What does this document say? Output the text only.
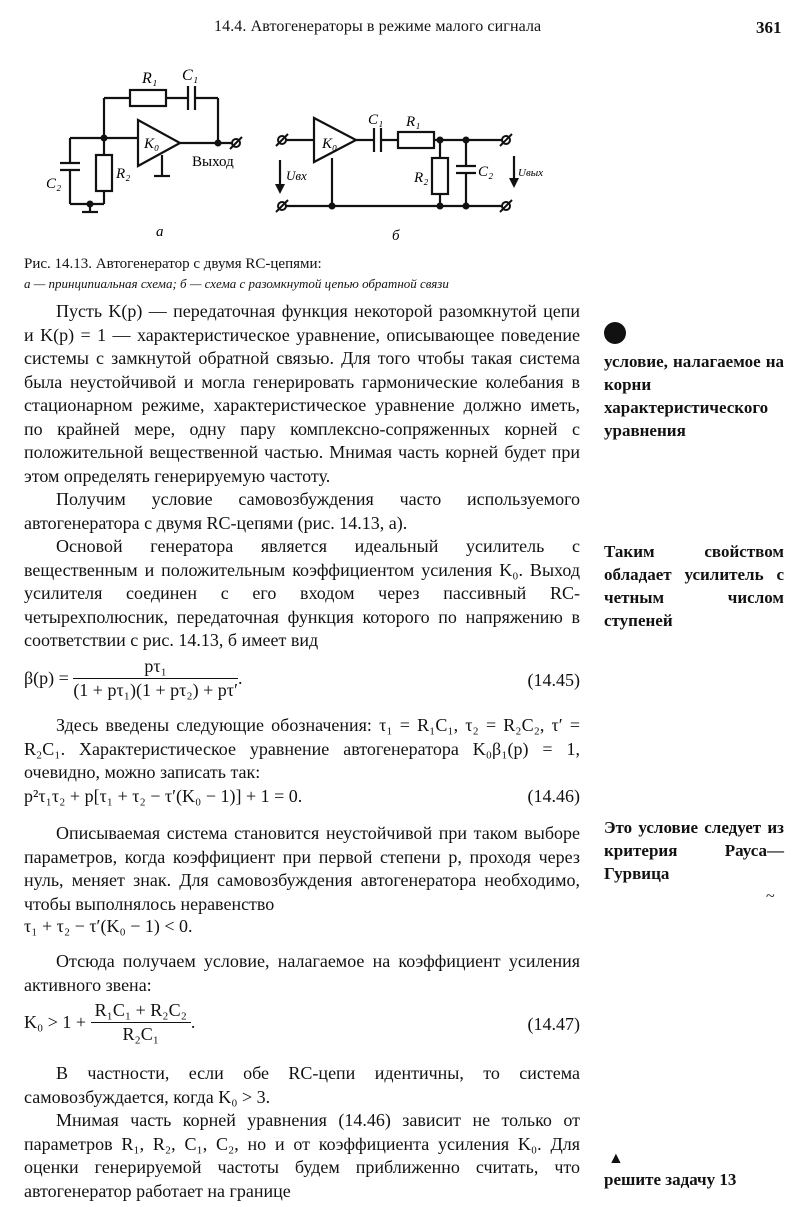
14.4. Автогенераторы в режиме малого сигнала	361
R₁ C₁
K₀
R₂
C₂
Выход
а
K₀
C₁ R₁
R₂	C₂
Uвх	Uвых
б
Рис. 14.13. Автогенератор с двумя RC-цепями:
а — принципиальная схема; б — схема с разомкнутой цепью обратной связи

Пусть K(p) — передаточная функция некоторой разомкнутой цепи и K(p) = 1 — характеристическое уравнение, описывающее поведение системы с замкнутой обратной связью. Для того чтобы такая система была неустойчивой и могла генерировать гармонические колебания в стационарном режиме, характеристическое уравнение должно иметь, по крайней мере, одну пару комплексно-сопряженных корней с положительной вещественной частью. Мнимая часть корней будет при этом определять генерируемую частоту.

Получим условие самовозбуждения часто используемого автогенератора с двумя RC-цепями (рис. 14.13, а).

Основой генератора является идеальный усилитель с вещественным и положительным коэффициентом усиления K₀. Выход усилителя соединен с его входом через пассивный RC-четырехполюсник, передаточная функция которого по напряжению в соответствии с рис. 14.13, б имеет вид

$\beta(p) = \frac{\text{pτ₁}}{\text{(1 + pτ₁)(1 + pτ₂) + pτ′}}$ .	(14.45)

Здесь введены следующие обозначения: τ₁ = R₁C₁, τ₂ = R₂C₂, τ′ = R₂C₁. Характеристическое уравнение автогенератора K₀β₁(p) = 1, очевидно, можно записать так:

p²τ₁τ₂ + p[τ₁ + τ₂ − τ′(K₀ − 1)] + 1 = 0.	(14.46)

Описываемая система становится неустойчивой при таком выборе параметров, когда коэффициент при первой степени p, проходя через нуль, меняет знак. Для самовозбуждения автогенератора необходимо, чтобы выполнялось неравенство

τ₁ + τ₂ − τ′(K₀ − 1) < 0.

Отсюда получаем условие, налагаемое на коэффициент усиления активного звена:

$K_0 > 1 + \frac{\text{R₁C₁ + R₂C₂}}{\text{R₂C₁}}$ .	(14.47)

В частности, если обе RC-цепи идентичны, то система самовозбуждается, когда K₀ > 3.

Мнимая часть корней уравнения (14.46) зависит не только от параметров R₁, R₂, C₁, C₂, но и от коэффициента усиления K₀. Для оценки генерируемой частоты будем приближенно считать, что автогенератор работает на границе

условие, налагаемое на корни характеристического уравнения
Таким свойством обладает усилитель с четным числом ступеней
Это условие следует из критерия Рауса—Гурвица
~
▲
решите задачу 13
